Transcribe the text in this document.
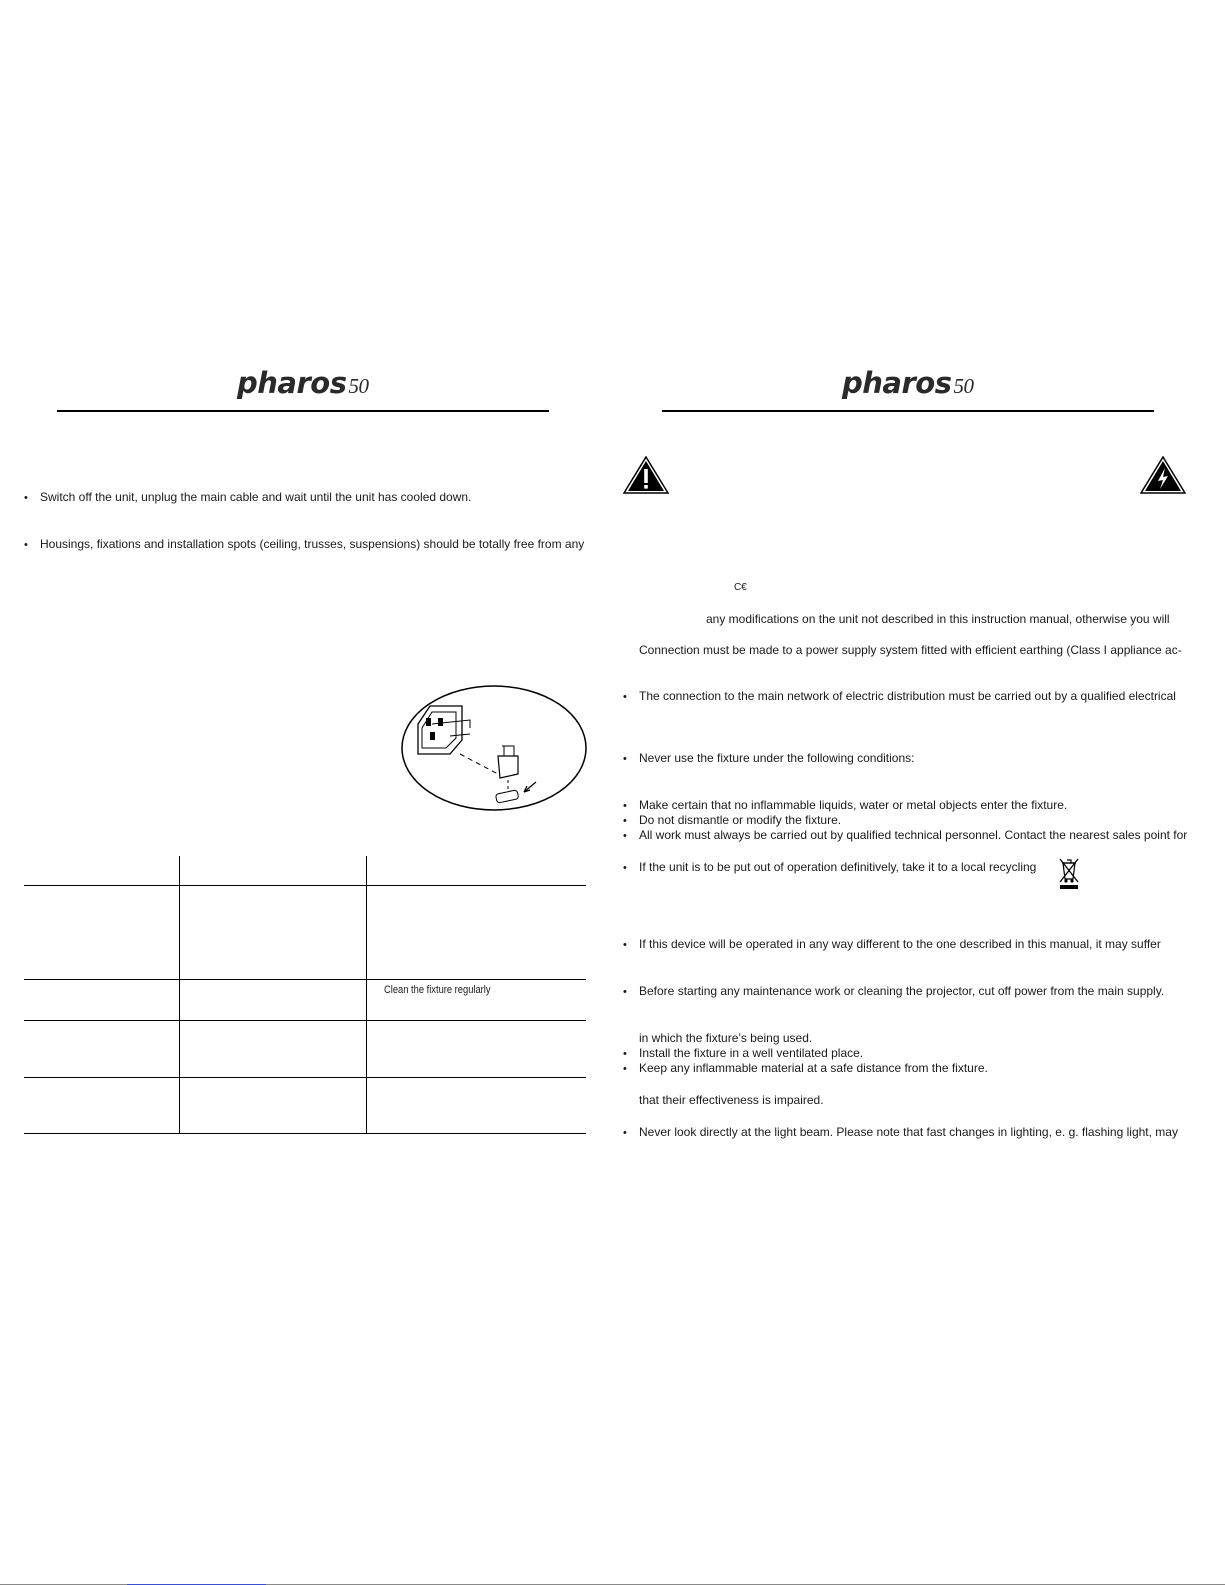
pharos50
• Switch off the unit, unplug the main cable and wait until the unit has cooled down.
• Housings, fixations and installation spots (ceiling, trusses, suspensions) should be totally free from any
Clean the fixture regularly
pharos50
C€
any modifications on the unit not described in this instruction manual, otherwise you will
Connection must be made to a power supply system fitted with efficient earthing (Class I appliance ac-
• The connection to the main network of electric distribution must be carried out by a qualified electrical
• Never use the fixture under the following conditions:
• Make certain that no inflammable liquids, water or metal objects enter the fixture.
• Do not dismantle or modify the fixture.
• All work must always be carried out by qualified technical personnel. Contact the nearest sales point for
• If the unit is to be put out of operation definitively, take it to a local recycling
• If this device will be operated in any way different to the one described in this manual, it may suffer
• Before starting any maintenance work or cleaning the projector, cut off power from the main supply.
in which the fixture’s being used.
• Install the fixture in a well ventilated place.
• Keep any inflammable material at a safe distance from the fixture.
that their effectiveness is impaired.
• Never look directly at the light beam. Please note that fast changes in lighting, e. g. flashing light, may
